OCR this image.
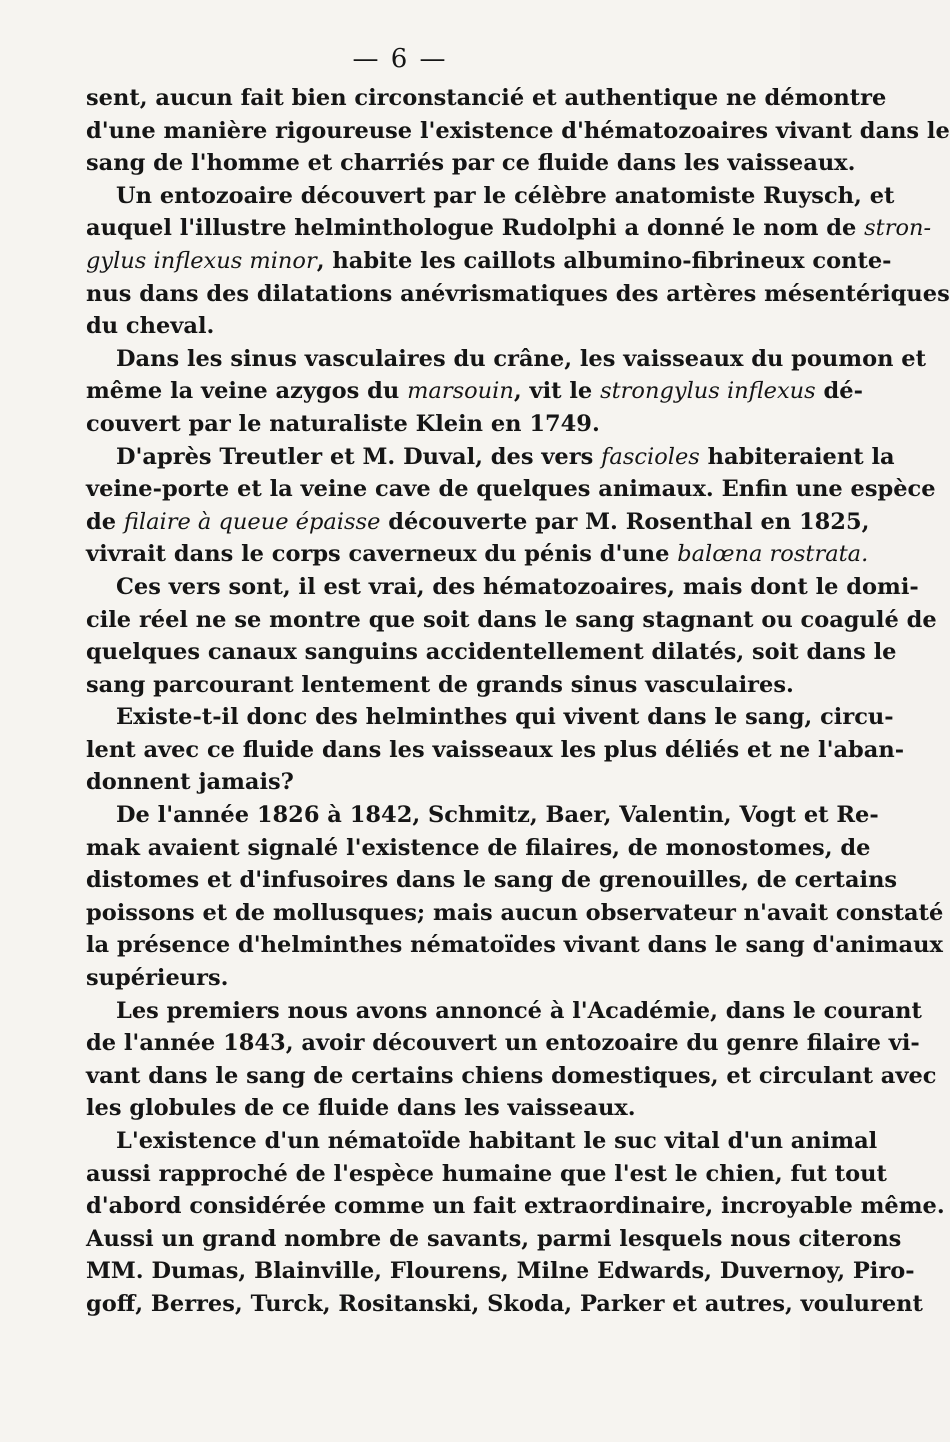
— 6 —
sent, aucun fait bien circonstancié et authentique ne démontre
d'une manière rigoureuse l'existence d'hématozoaires vivant dans le
sang de l'homme et charriés par ce fluide dans les vaisseaux.
Un entozoaire découvert par le célèbre anatomiste Ruysch, et
auquel l'illustre helminthologue Rudolphi a donné le nom de stron-
gylus inflexus minor, habite les caillots albumino-fibrineux conte-
nus dans des dilatations anévrismatiques des artères mésentériques
du cheval.
Dans les sinus vasculaires du crâne, les vaisseaux du poumon et
même la veine azygos du marsouin, vit le strongylus inflexus dé-
couvert par le naturaliste Klein en 1749.
D'après Treutler et M. Duval, des vers fascioles habiteraient la
veine-porte et la veine cave de quelques animaux. Enfin une espèce
de filaire à queue épaisse découverte par M. Rosenthal en 1825,
vivrait dans le corps caverneux du pénis d'une balœna rostrata.
Ces vers sont, il est vrai, des hématozoaires, mais dont le domi-
cile réel ne se montre que soit dans le sang stagnant ou coagulé de
quelques canaux sanguins accidentellement dilatés, soit dans le
sang parcourant lentement de grands sinus vasculaires.
Existe-t-il donc des helminthes qui vivent dans le sang, circu-
lent avec ce fluide dans les vaisseaux les plus déliés et ne l'aban-
donnent jamais?
De l'année 1826 à 1842, Schmitz, Baer, Valentin, Vogt et Re-
mak avaient signalé l'existence de filaires, de monostomes, de
distomes et d'infusoires dans le sang de grenouilles, de certains
poissons et de mollusques; mais aucun observateur n'avait constaté
la présence d'helminthes nématoïdes vivant dans le sang d'animaux
supérieurs.
Les premiers nous avons annoncé à l'Académie, dans le courant
de l'année 1843, avoir découvert un entozoaire du genre filaire vi-
vant dans le sang de certains chiens domestiques, et circulant avec
les globules de ce fluide dans les vaisseaux.
L'existence d'un nématoïde habitant le suc vital d'un animal
aussi rapproché de l'espèce humaine que l'est le chien, fut tout
d'abord considérée comme un fait extraordinaire, incroyable même.
Aussi un grand nombre de savants, parmi lesquels nous citerons
MM. Dumas, Blainville, Flourens, Milne Edwards, Duvernoy, Piro-
goff, Berres, Turck, Rositanski, Skoda, Parker et autres, voulurent
